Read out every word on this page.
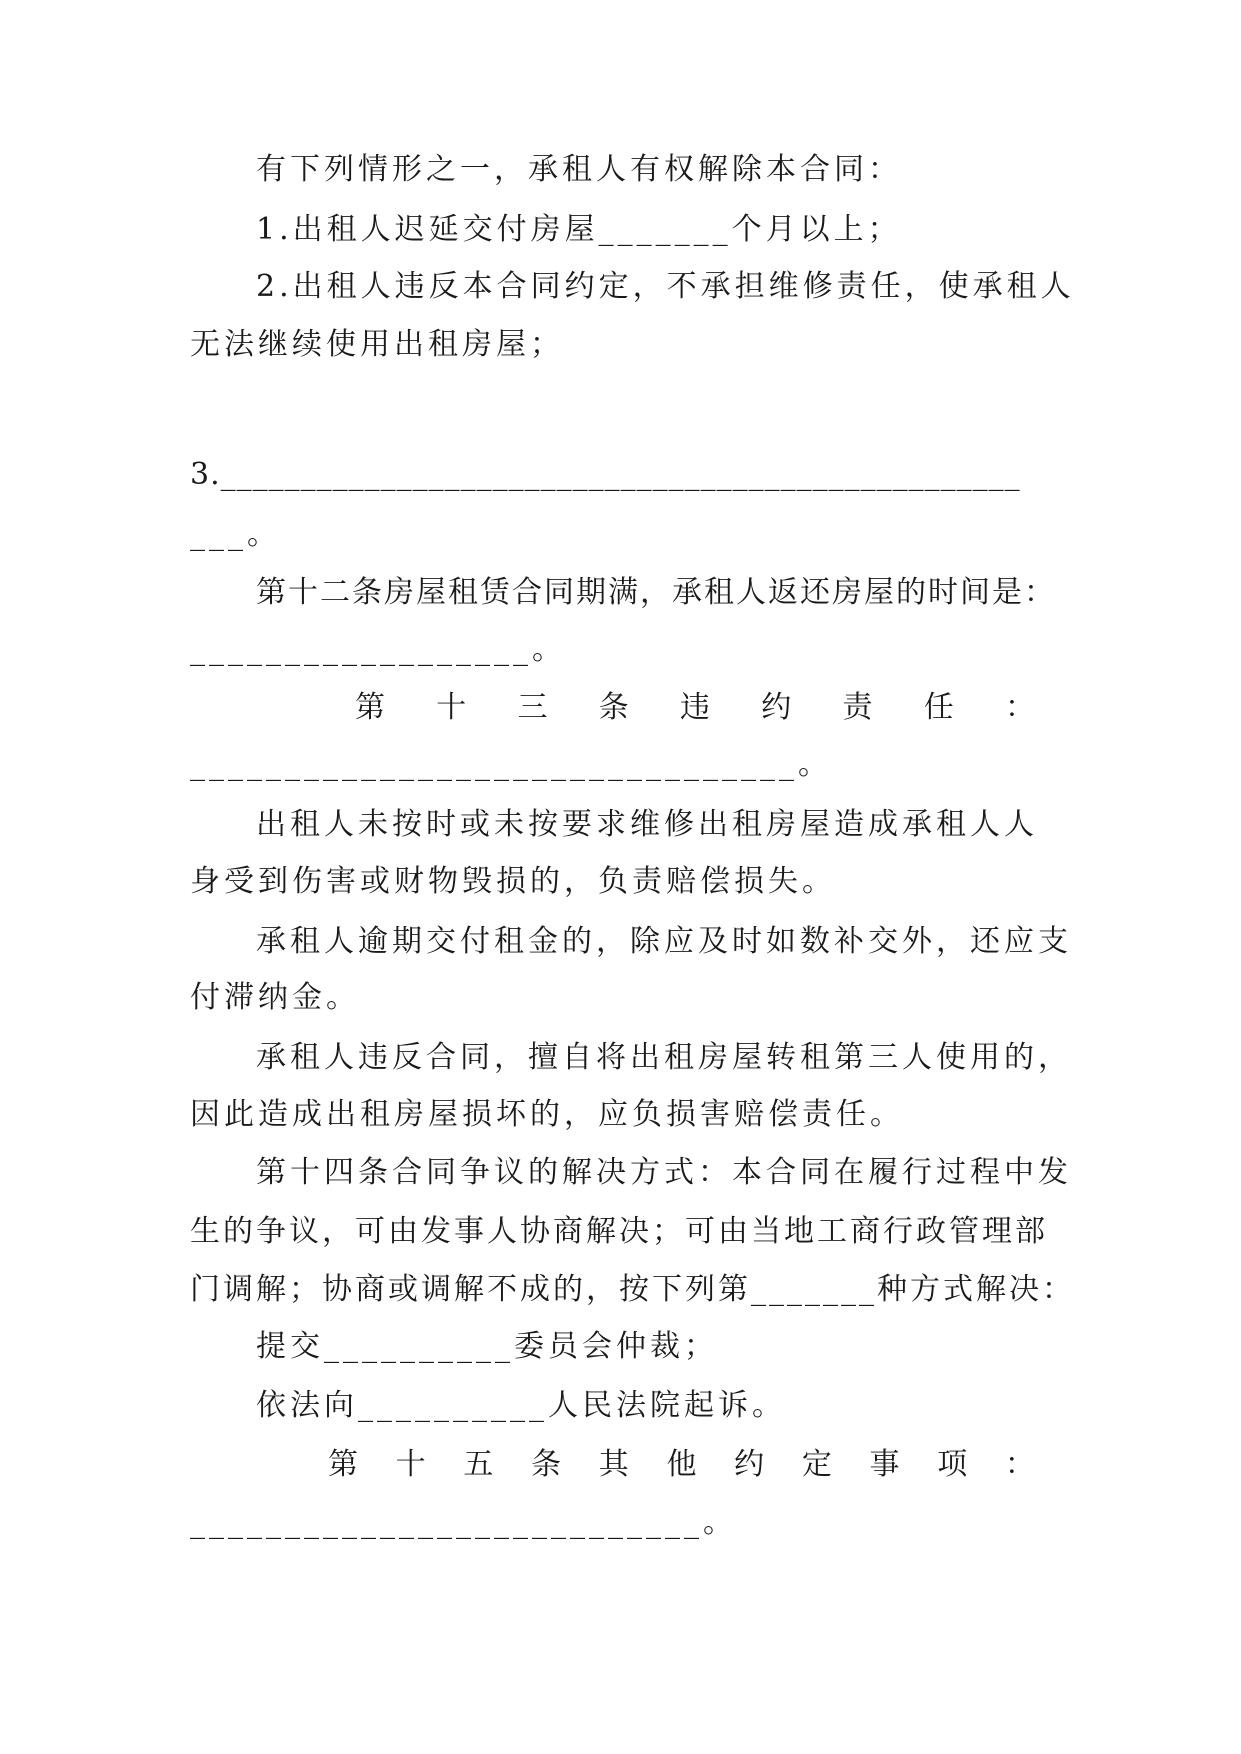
有下列情形之一，承租人有权解除本合同：
1.出租人迟延交付房屋_______个月以上；
2.出租人违反本合同约定，不承担维修责任，使承租人
无法继续使用出租房屋；
3.__________________________________________________
___。
第十二条房屋租赁合同期满，承租人返还房屋的时间是：
__________________。
第 十 三 条 违 约 责 任 ：
________________________________。
出租人未按时或未按要求维修出租房屋造成承租人人
身受到伤害或财物毁损的，负责赔偿损失。
承租人逾期交付租金的，除应及时如数补交外，还应支
付滞纳金。
承租人违反合同，擅自将出租房屋转租第三人使用的，
因此造成出租房屋损坏的，应负损害赔偿责任。
第十四条合同争议的解决方式：本合同在履行过程中发
生的争议，可由发事人协商解决；可由当地工商行政管理部
门调解；协商或调解不成的，按下列第_______种方式解决：
提交__________委员会仲裁；
依法向__________人民法院起诉。
第 十 五 条 其 他 约 定 事 项 ：
___________________________。
